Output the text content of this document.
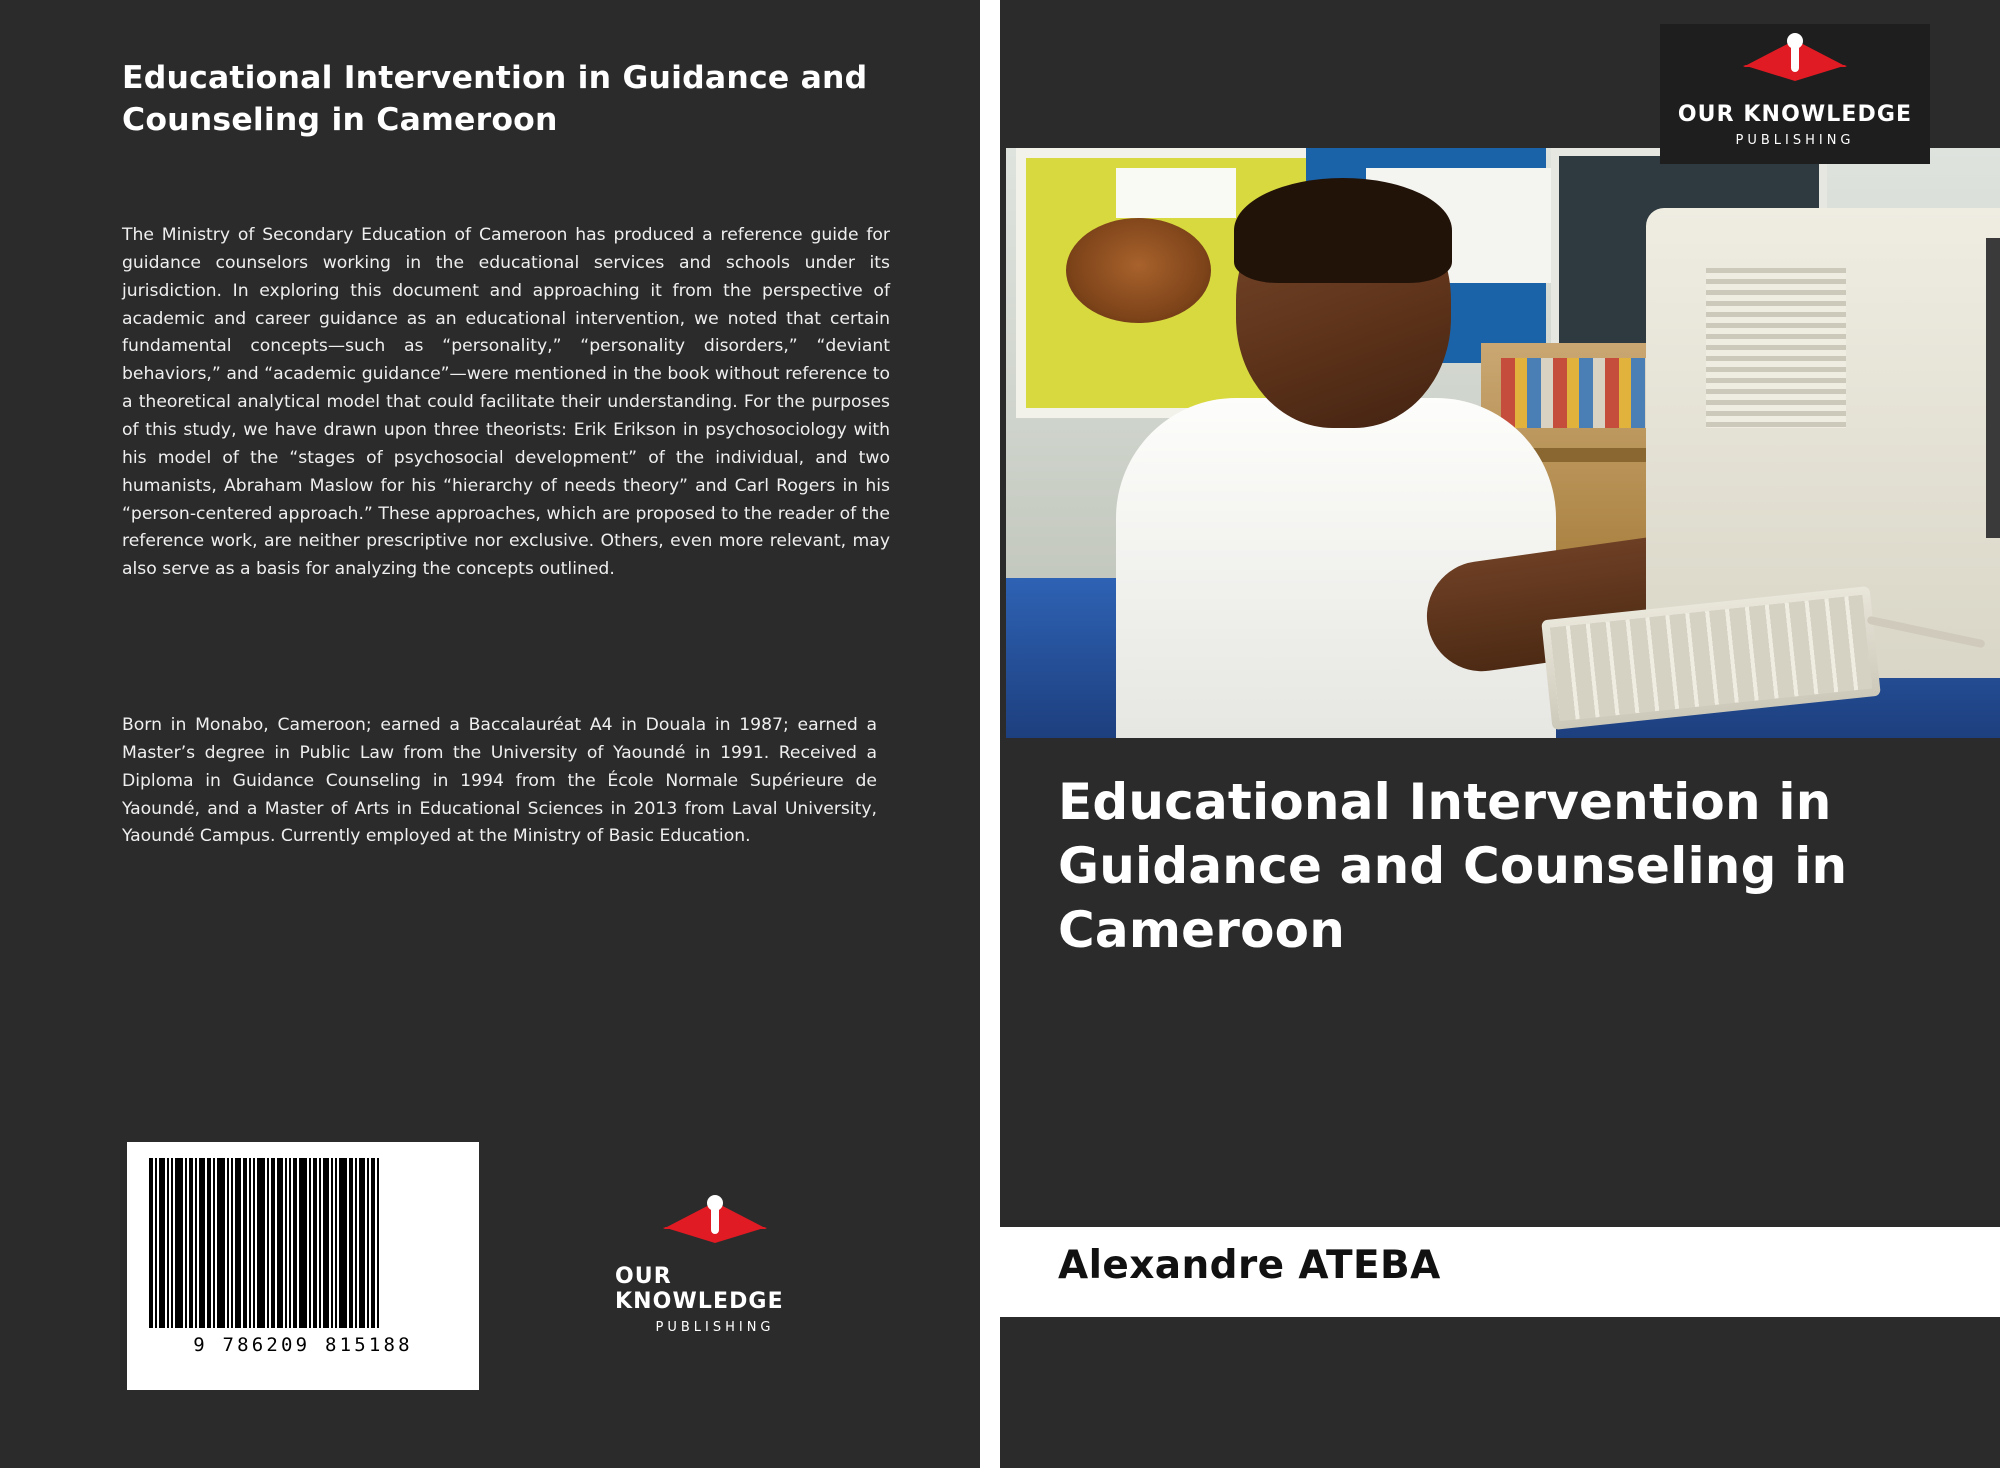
Educational Intervention in Guidance and Counseling in Cameroon
The Ministry of Secondary Education of Cameroon has produced a reference guide for guidance counselors working in the educational services and schools under its jurisdiction. In exploring this document and approaching it from the perspective of academic and career guidance as an educational intervention, we noted that certain fundamental concepts—such as “personality,” “personality disorders,” “deviant behaviors,” and “academic guidance”—were mentioned in the book without reference to a theoretical analytical model that could facilitate their understanding. For the purposes of this study, we have drawn upon three theorists: Erik Erikson in psychosociology with his model of the “stages of psychosocial development” of the individual, and two humanists, Abraham Maslow for his “hierarchy of needs theory” and Carl Rogers in his “person-centered approach.” These approaches, which are proposed to the reader of the reference work, are neither prescriptive nor exclusive. Others, even more relevant, may also serve as a basis for analyzing the concepts outlined.
Born in Monabo, Cameroon; earned a Baccalauréat A4 in Douala in 1987; earned a Master’s degree in Public Law from the University of Yaoundé in 1991. Received a Diploma in Guidance Counseling in 1994 from the École Normale Supérieure de Yaoundé, and a Master of Arts in Educational Sciences in 2013 from Laval University, Yaoundé Campus. Currently employed at the Ministry of Basic Education.
9 786209 815188
OUR KNOWLEDGE
PUBLISHING
OUR KNOWLEDGE
PUBLISHING
Educational Intervention in Guidance and Counseling in Cameroon
Alexandre ATEBA
